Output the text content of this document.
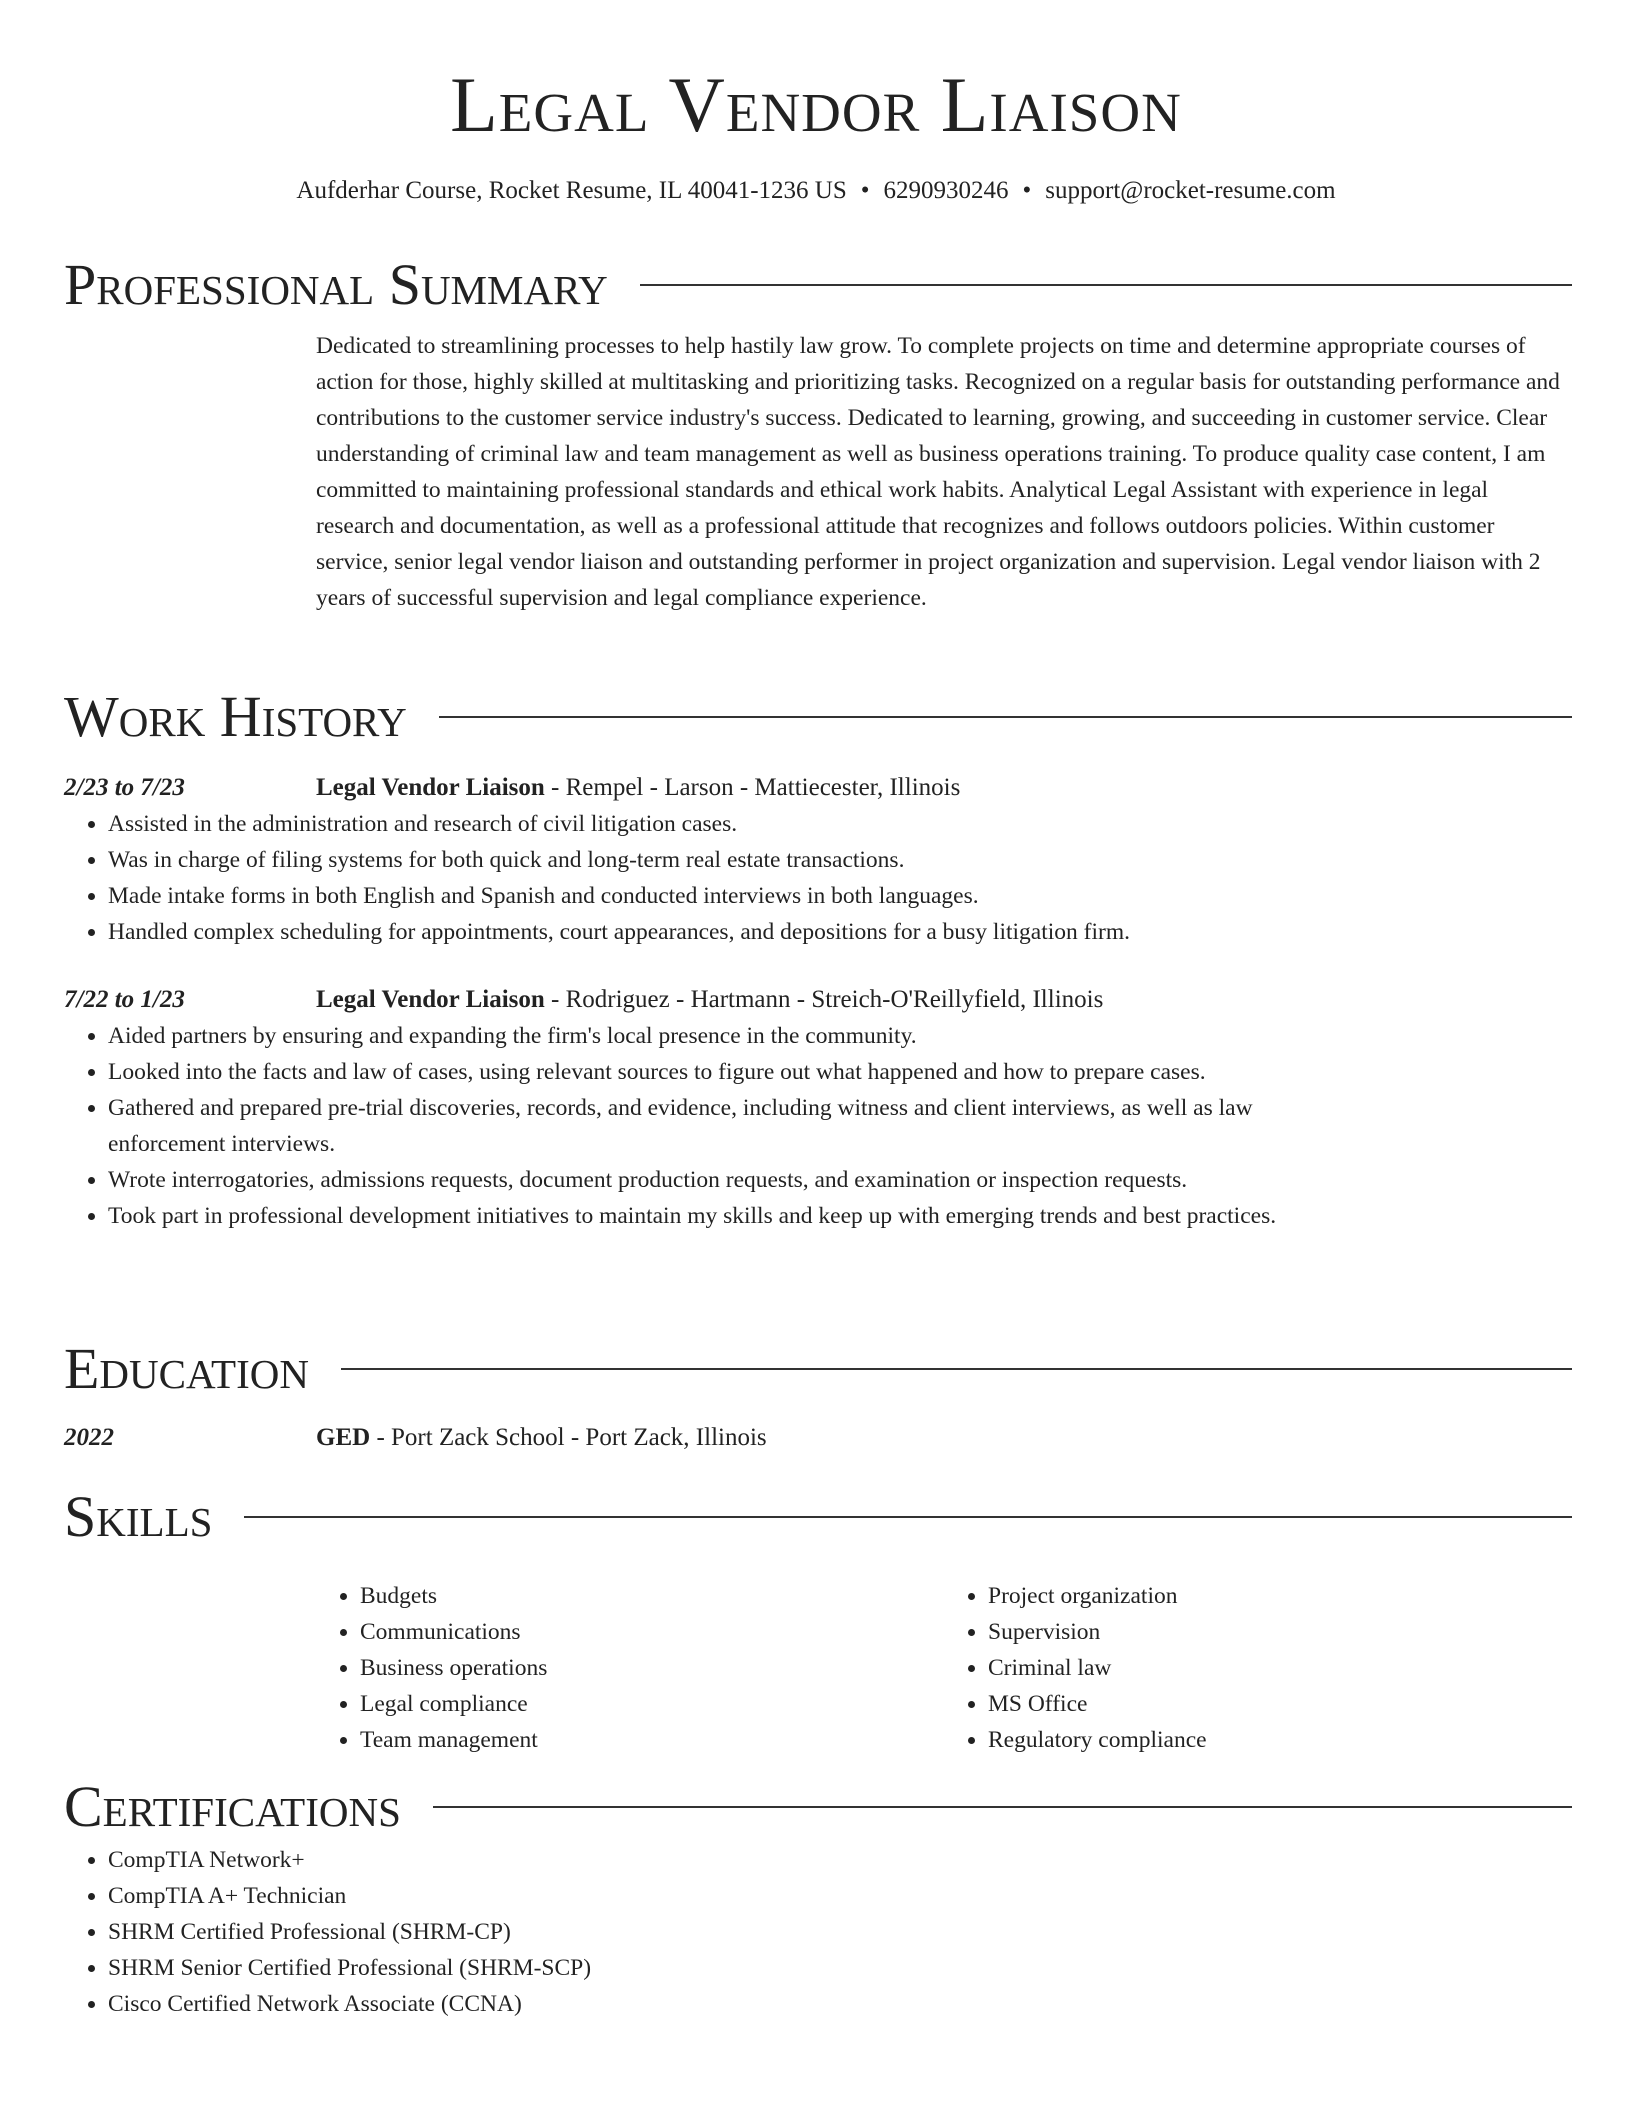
Legal Vendor Liaison
Aufderhar Course, Rocket Resume, IL 40041-1236 US • 6290930246 • support@rocket-resume.com
Professional Summary
Dedicated to streamlining processes to help hastily law grow. To complete projects on time and determine appropriate courses of action for those, highly skilled at multitasking and prioritizing tasks. Recognized on a regular basis for outstanding performance and contributions to the customer service industry's success. Dedicated to learning, growing, and succeeding in customer service. Clear understanding of criminal law and team management as well as business operations training. To produce quality case content, I am committed to maintaining professional standards and ethical work habits. Analytical Legal Assistant with experience in legal research and documentation, as well as a professional attitude that recognizes and follows outdoors policies. Within customer service, senior legal vendor liaison and outstanding performer in project organization and supervision. Legal vendor liaison with 2 years of successful supervision and legal compliance experience.
Work History
2/23 to 7/23	Legal Vendor Liaison - Rempel - Larson - Mattiecester, Illinois
• Assisted in the administration and research of civil litigation cases.
• Was in charge of filing systems for both quick and long-term real estate transactions.
• Made intake forms in both English and Spanish and conducted interviews in both languages.
• Handled complex scheduling for appointments, court appearances, and depositions for a busy litigation firm.
7/22 to 1/23	Legal Vendor Liaison - Rodriguez - Hartmann - Streich-O'Reillyfield, Illinois
• Aided partners by ensuring and expanding the firm's local presence in the community.
• Looked into the facts and law of cases, using relevant sources to figure out what happened and how to prepare cases.
• Gathered and prepared pre-trial discoveries, records, and evidence, including witness and client interviews, as well as law enforcement interviews.
• Wrote interrogatories, admissions requests, document production requests, and examination or inspection requests.
• Took part in professional development initiatives to maintain my skills and keep up with emerging trends and best practices.
Education
2022	GED - Port Zack School - Port Zack, Illinois
Skills
• Budgets
• Communications
• Business operations
• Legal compliance
• Team management
• Project organization
• Supervision
• Criminal law
• MS Office
• Regulatory compliance
Certifications
• CompTIA Network+
• CompTIA A+ Technician
• SHRM Certified Professional (SHRM-CP)
• SHRM Senior Certified Professional (SHRM-SCP)
• Cisco Certified Network Associate (CCNA)
